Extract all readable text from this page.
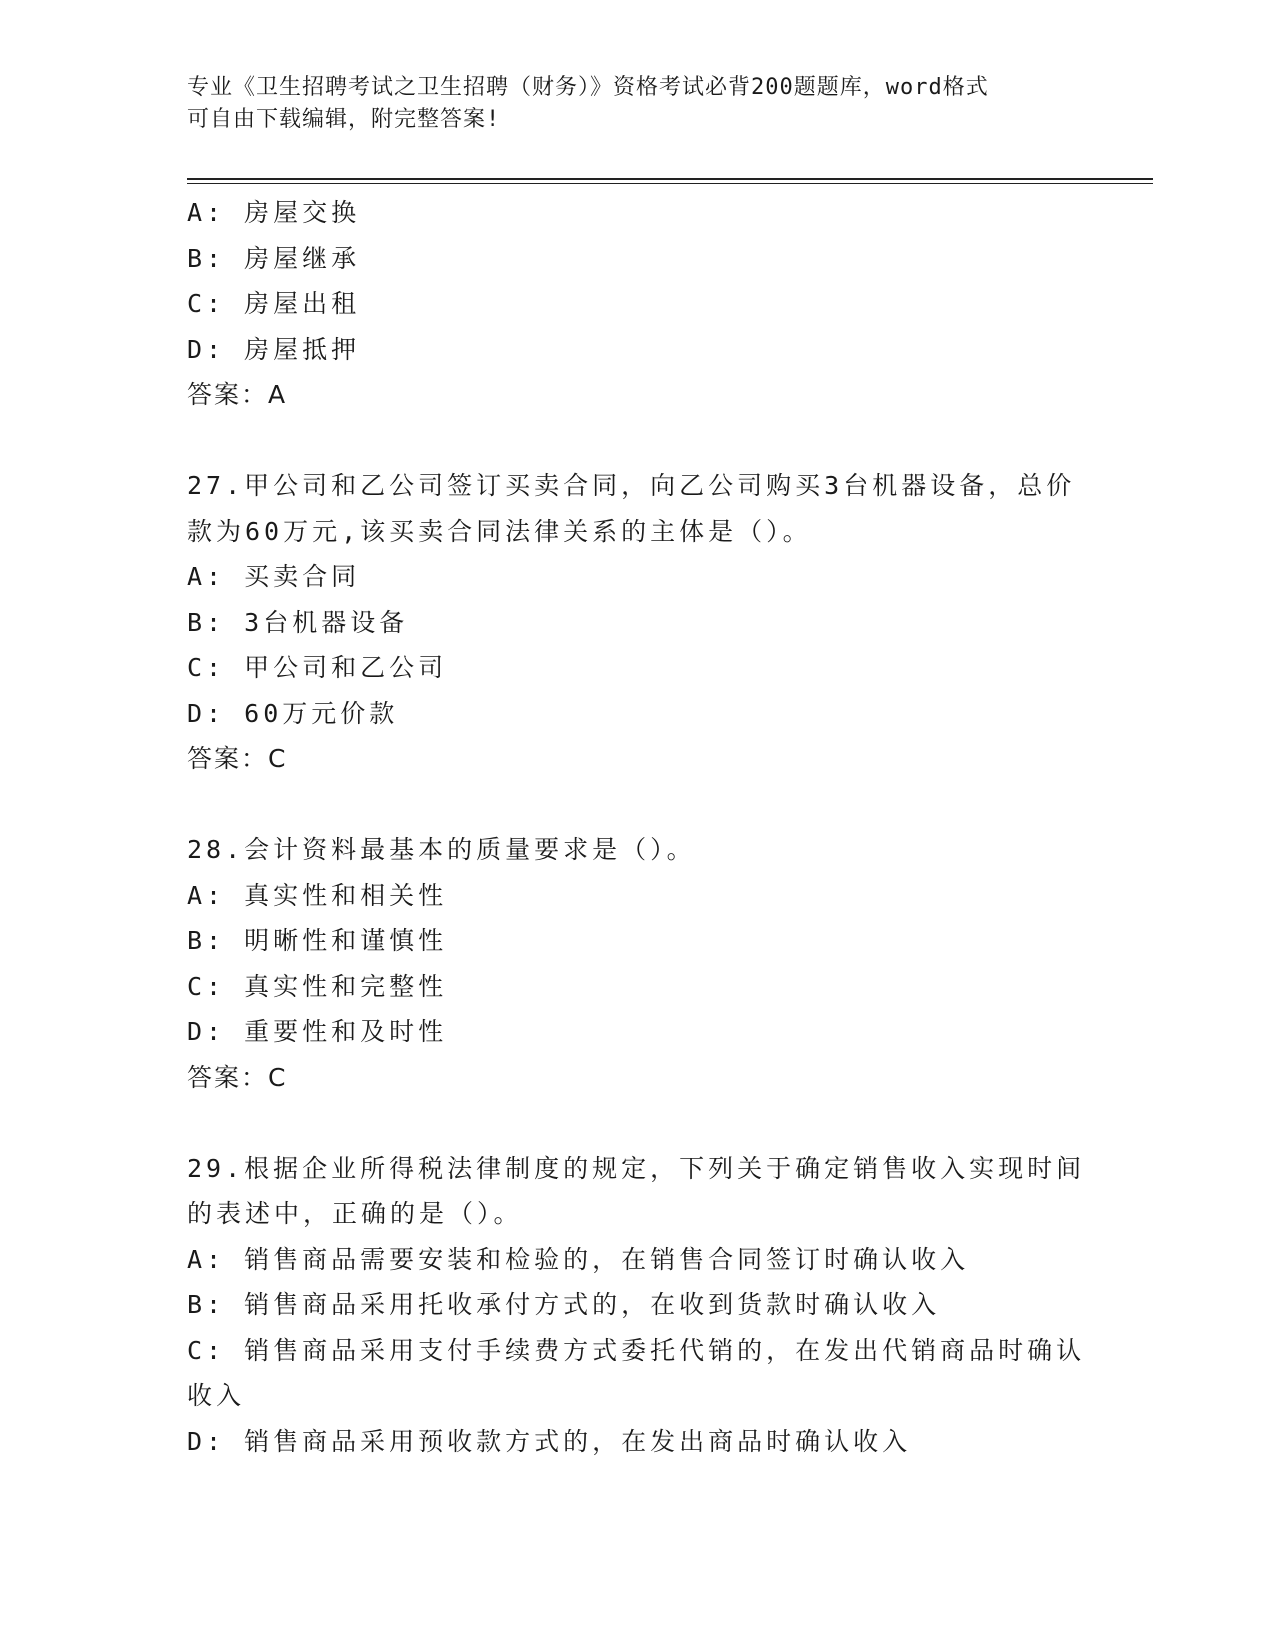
专业《卫生招聘考试之卫生招聘（财务）》资格考试必背200题题库，word格式
可自由下载编辑，附完整答案!
A: 房屋交换
B: 房屋继承
C: 房屋出租
D: 房屋抵押
答案：A
27.甲公司和乙公司签订买卖合同，向乙公司购买3台机器设备，总价
款为60万元,该买卖合同法律关系的主体是（）。
A: 买卖合同
B: 3台机器设备
C: 甲公司和乙公司
D: 60万元价款
答案：C
28.会计资料最基本的质量要求是（）。
A: 真实性和相关性
B: 明晰性和谨慎性
C: 真实性和完整性
D: 重要性和及时性
答案：C
29.根据企业所得税法律制度的规定，下列关于确定销售收入实现时间
的表述中，正确的是（）。
A: 销售商品需要安装和检验的，在销售合同签订时确认收入
B: 销售商品采用托收承付方式的，在收到货款时确认收入
C: 销售商品采用支付手续费方式委托代销的，在发出代销商品时确认
收入
D: 销售商品采用预收款方式的，在发出商品时确认收入
